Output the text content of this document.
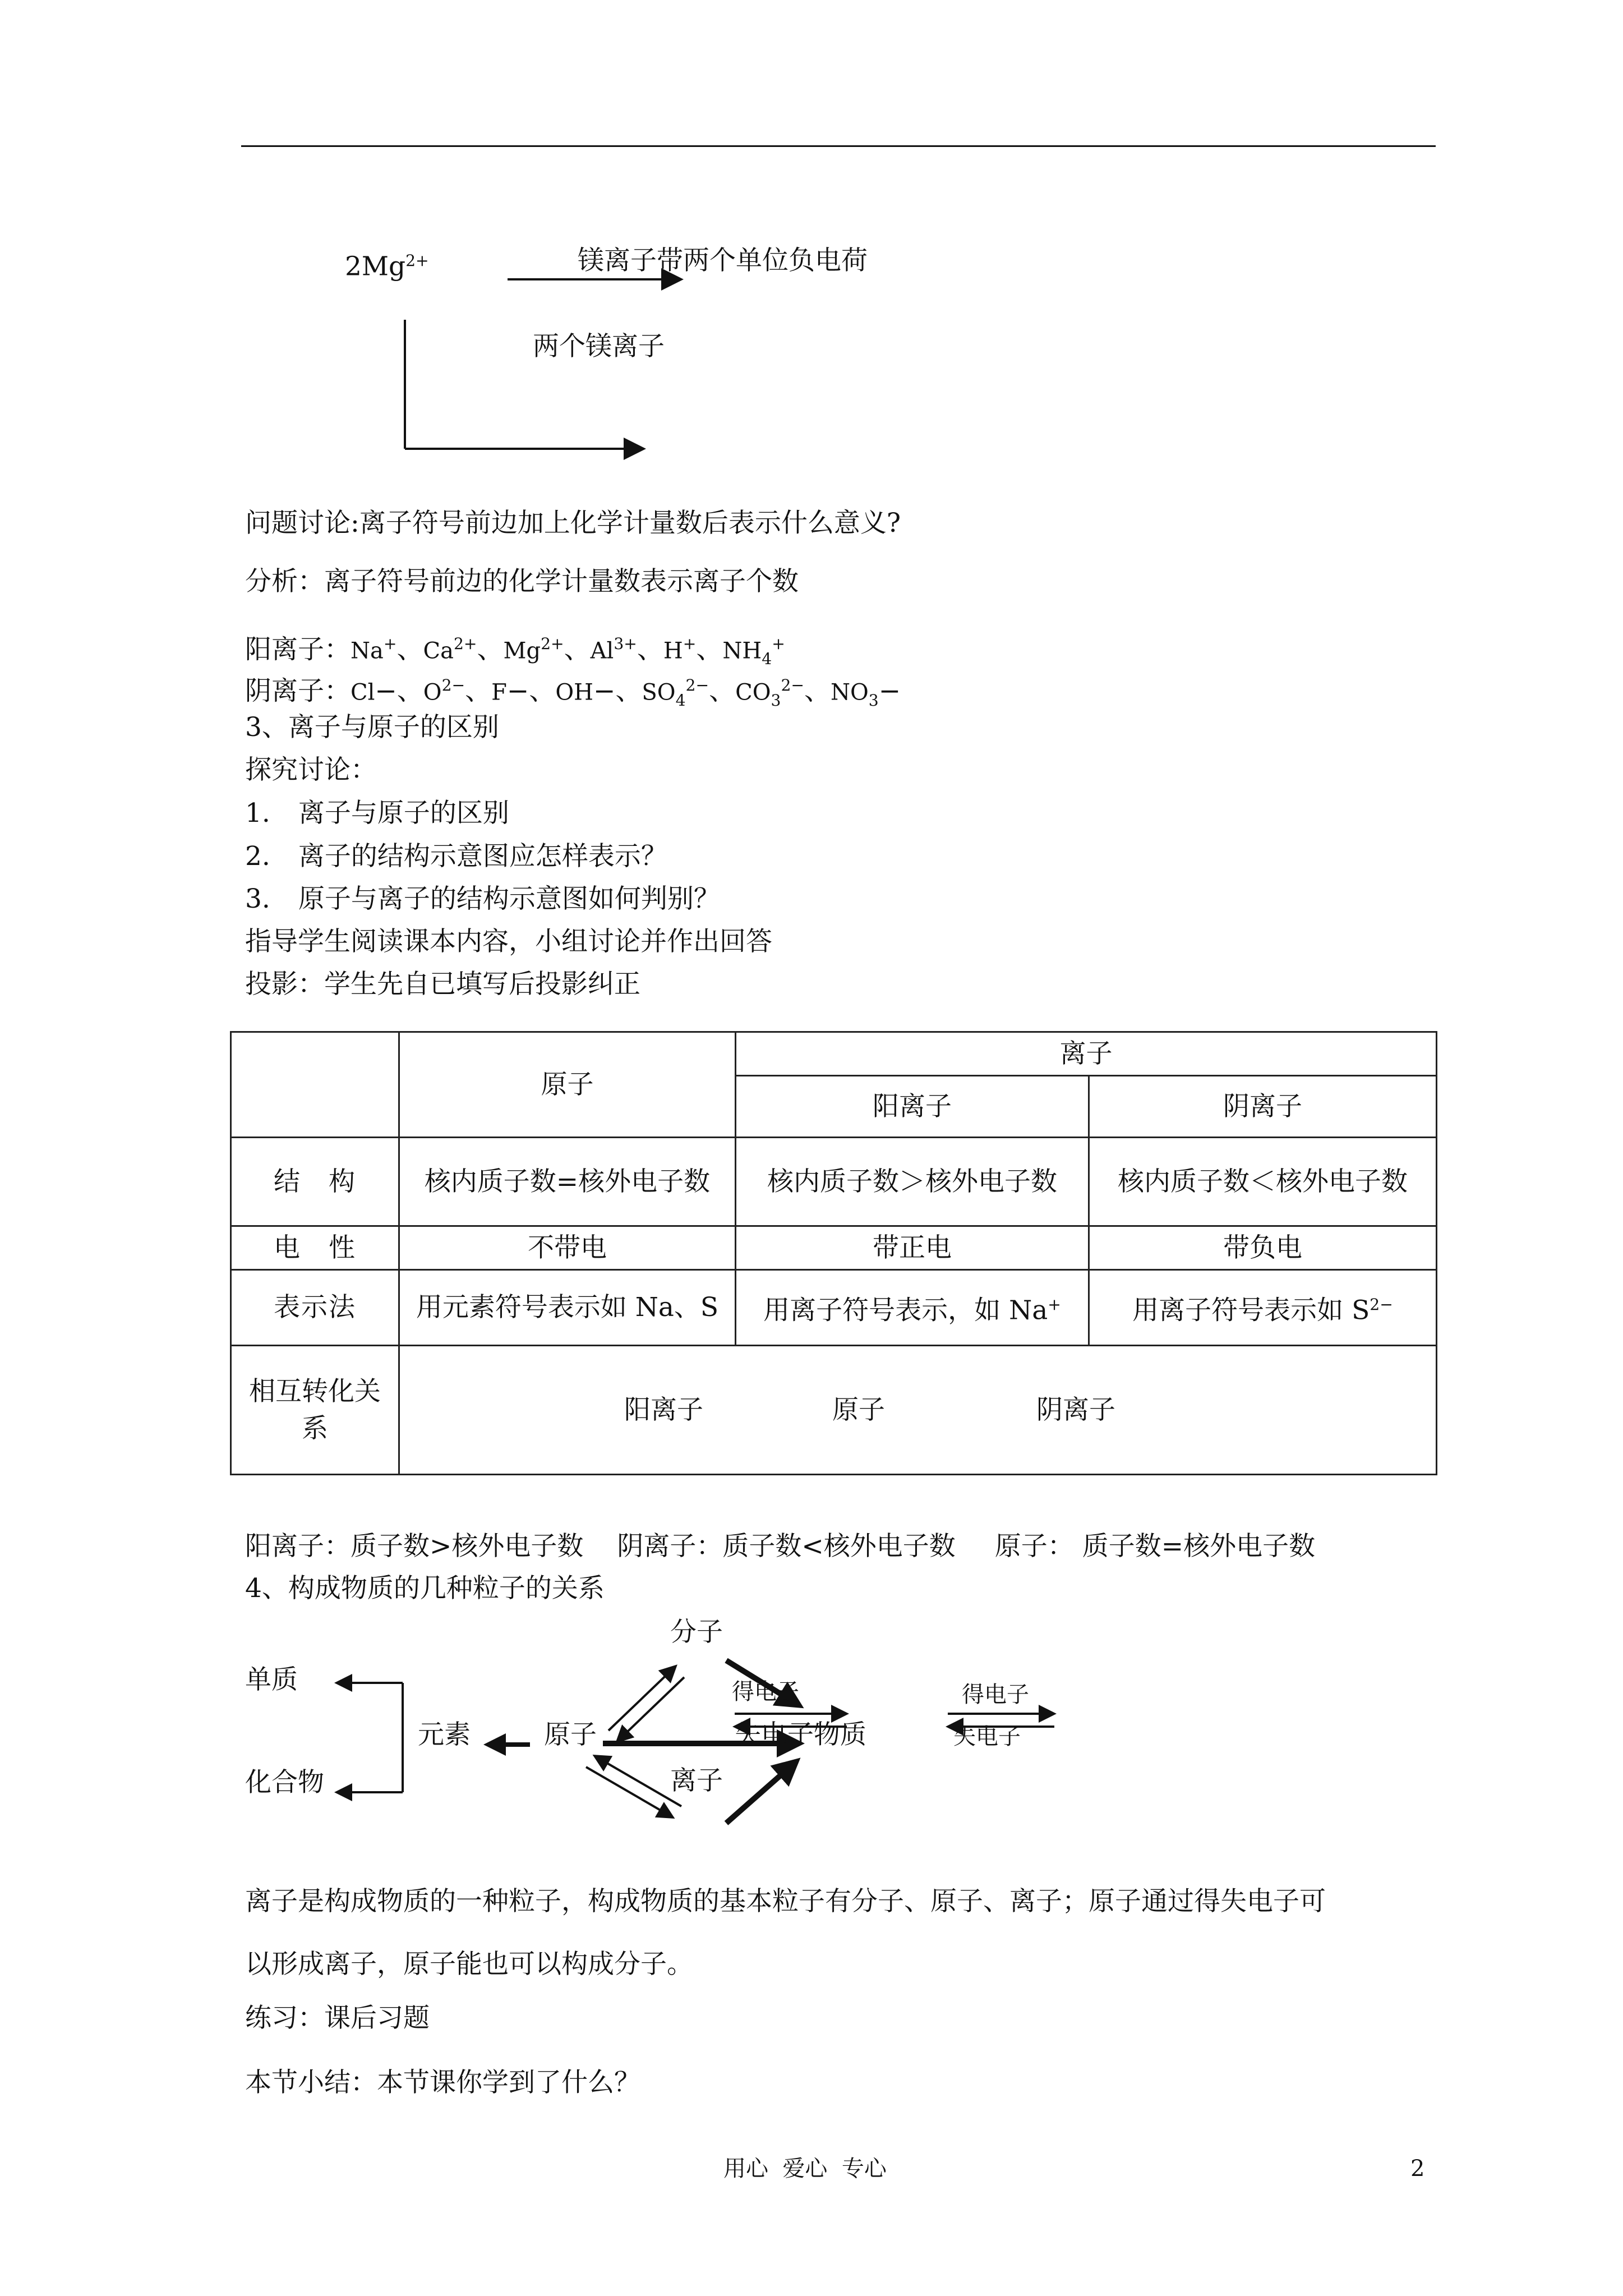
$2Mg^{2+}$	镁离子带两个单位负电荷
两个镁离子
问题讨论:离子符号前边加上化学计量数后表示什么意义?
分析：离子符号前边的化学计量数表示离子个数
阳离子：Na+、$Ca^{2+}$、$Mg^{2+}$、$Al^{3+}$、H+、$NH_4^+$
阴离子：Cl−、$O^{2-}$、F−、OH−、$SO_4^{2-}$、$CO_3^{2-}$、$NO_3-$
3、离子与原子的区别
探究讨论：
1. 离子与原子的区别
2. 离子的结构示意图应怎样表示？
3. 原子与离子的结构示意图如何判别？
指导学生阅读课本内容，小组讨论并作出回答
投影：学生先自已填写后投影纠正
	原子	离子	
		阳离子	阴离子
结　构	核内质子数=核外电子数	核内质子数＞核外电子数	核内质子数＜核外电子数
电　性	不带电	带正电	带负电
表示法	用元素符号表示如 Na、S	用离子符号表示，如 Na+	用离子符号表示如 $S^{2-}$
相互转化关系	阳离子 原子 阴离子		
阳离子：质子数>核外电子数 阴离子：质子数<核外电子数 原子： 质子数=核外电子数
4、构成物质的几种粒子的关系
单质
化合物
元素	原子
分子
离子
得电子
失电子物质
得电子
失电子
离子是构成物质的一种粒子，构成物质的基本粒子有分子、原子、离子；原子通过得失电子可
以形成离子，原子能也可以构成分子。
练习：课后习题
本节小结：本节课你学到了什么？
用心  爱心  专心	2
